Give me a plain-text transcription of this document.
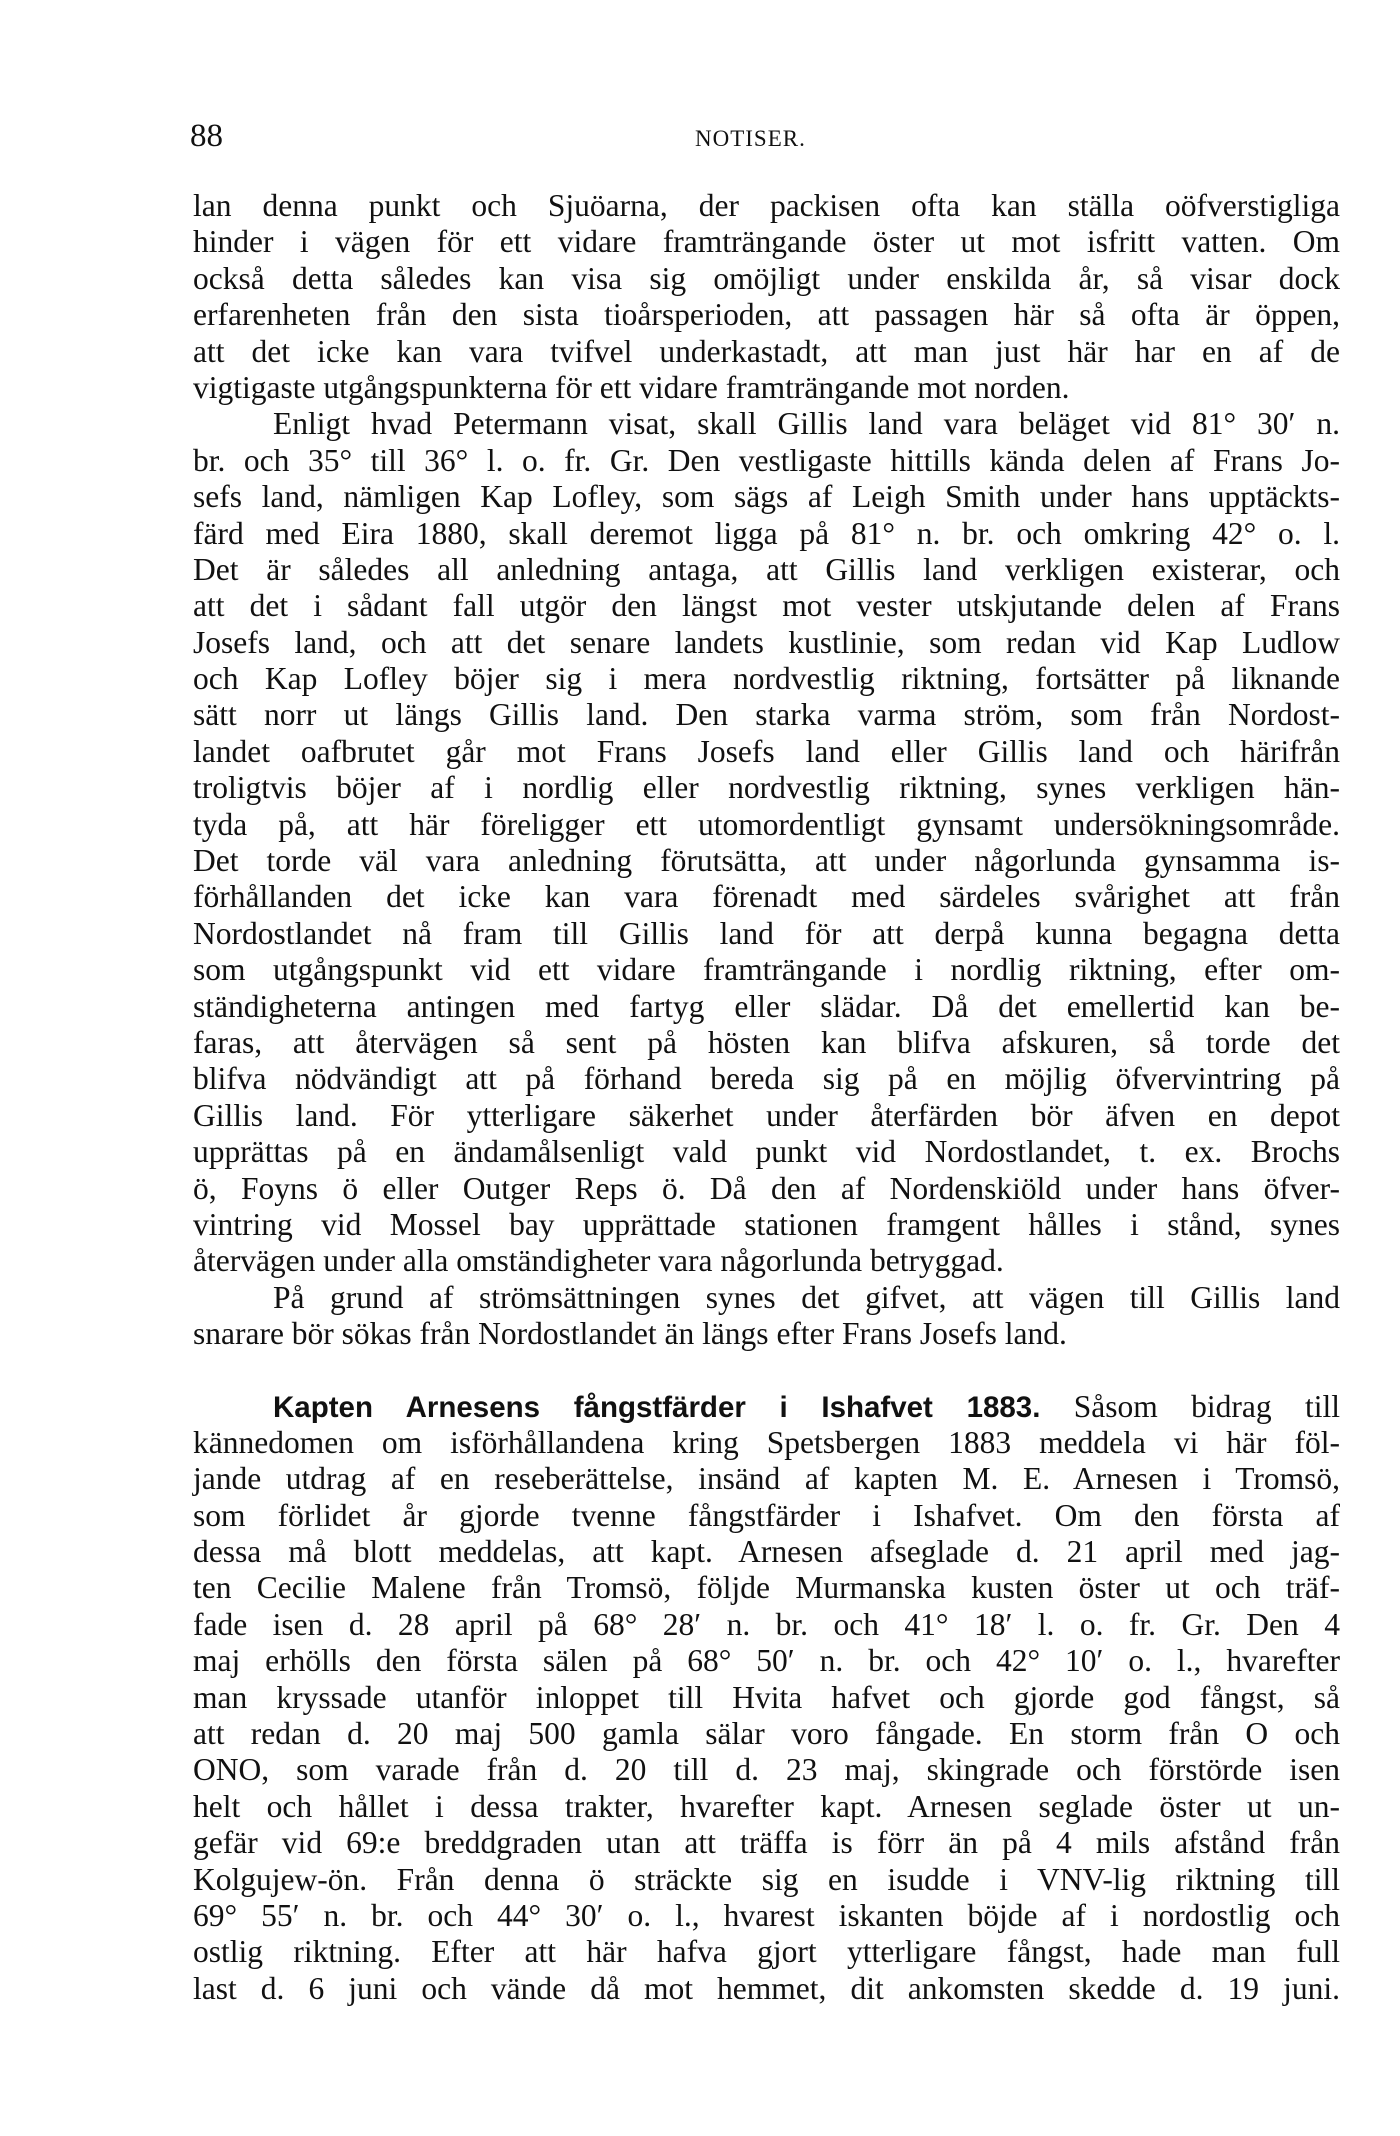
88	NOTISER.
lan denna punkt och Sjuöarna, der packisen ofta kan ställa oöfverstigliga
hinder i vägen för ett vidare framträngande öster ut mot isfritt vatten. Om
också detta således kan visa sig omöjligt under enskilda år, så visar dock
erfarenheten från den sista tioårsperioden, att passagen här så ofta är öppen,
att det icke kan vara tvifvel underkastadt, att man just här har en af de
vigtigaste utgångspunkterna för ett vidare framträngande mot norden.
Enligt hvad Petermann visat, skall Gillis land vara beläget vid 81° 30′ n.
br. och 35° till 36° l. o. fr. Gr. Den vestligaste hittills kända delen af Frans Jo-
sefs land, nämligen Kap Lofley, som sägs af Leigh Smith under hans upptäckts-
färd med Eira 1880, skall deremot ligga på 81° n. br. och omkring 42° o. l.
Det är således all anledning antaga, att Gillis land verkligen existerar, och
att det i sådant fall utgör den längst mot vester utskjutande delen af Frans
Josefs land, och att det senare landets kustlinie, som redan vid Kap Ludlow
och Kap Lofley böjer sig i mera nordvestlig riktning, fortsätter på liknande
sätt norr ut längs Gillis land. Den starka varma ström, som från Nordost-
landet oafbrutet går mot Frans Josefs land eller Gillis land och härifrån
troligtvis böjer af i nordlig eller nordvestlig riktning, synes verkligen hän-
tyda på, att här föreligger ett utomordentligt gynsamt undersökningsområde.
Det torde väl vara anledning förutsätta, att under någorlunda gynsamma is-
förhållanden det icke kan vara förenadt med särdeles svårighet att från
Nordostlandet nå fram till Gillis land för att derpå kunna begagna detta
som utgångspunkt vid ett vidare framträngande i nordlig riktning, efter om-
ständigheterna antingen med fartyg eller slädar. Då det emellertid kan be-
faras, att återvägen så sent på hösten kan blifva afskuren, så torde det
blifva nödvändigt att på förhand bereda sig på en möjlig öfvervintring på
Gillis land. För ytterligare säkerhet under återfärden bör äfven en depot
upprättas på en ändamålsenligt vald punkt vid Nordostlandet, t. ex. Brochs
ö, Foyns ö eller Outger Reps ö. Då den af Nordenskiöld under hans öfver-
vintring vid Mossel bay upprättade stationen framgent hålles i stånd, synes
återvägen under alla omständigheter vara någorlunda betryggad.
På grund af strömsättningen synes det gifvet, att vägen till Gillis land
snarare bör sökas från Nordostlandet än längs efter Frans Josefs land.
Kapten Arnesens fångstfärder i Ishafvet 1883. Såsom bidrag till
kännedomen om isförhållandena kring Spetsbergen 1883 meddela vi här föl-
jande utdrag af en reseberättelse, insänd af kapten M. E. Arnesen i Tromsö,
som förlidet år gjorde tvenne fångstfärder i Ishafvet. Om den första af
dessa må blott meddelas, att kapt. Arnesen afseglade d. 21 april med jag-
ten Cecilie Malene från Tromsö, följde Murmanska kusten öster ut och träf-
fade isen d. 28 april på 68° 28′ n. br. och 41° 18′ l. o. fr. Gr. Den 4
maj erhölls den första sälen på 68° 50′ n. br. och 42° 10′ o. l., hvarefter
man kryssade utanför inloppet till Hvita hafvet och gjorde god fångst, så
att redan d. 20 maj 500 gamla sälar voro fångade. En storm från O och
ONO, som varade från d. 20 till d. 23 maj, skingrade och förstörde isen
helt och hållet i dessa trakter, hvarefter kapt. Arnesen seglade öster ut un-
gefär vid 69:e breddgraden utan att träffa is förr än på 4 mils afstånd från
Kolgujew-ön. Från denna ö sträckte sig en isudde i VNV-lig riktning till
69° 55′ n. br. och 44° 30′ o. l., hvarest iskanten böjde af i nordostlig och
ostlig riktning. Efter att här hafva gjort ytterligare fångst, hade man full
last d. 6 juni och vände då mot hemmet, dit ankomsten skedde d. 19 juni.
